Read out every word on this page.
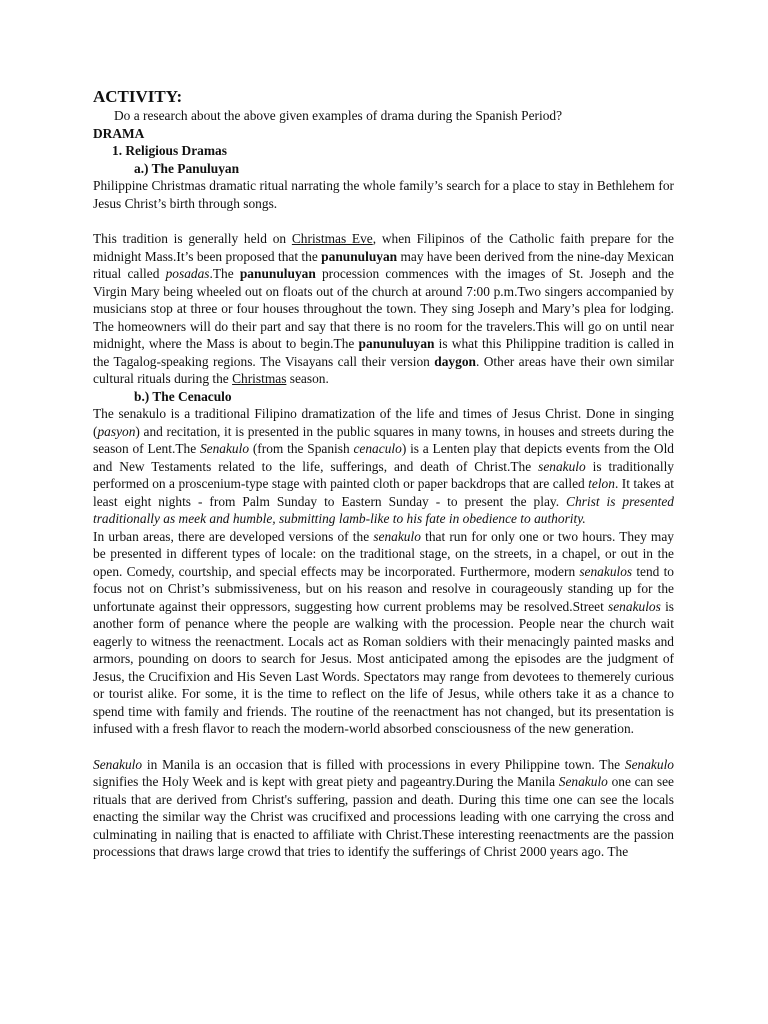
ACTIVITY:
Do a research about the above given examples of drama during the Spanish Period?
DRAMA
1. Religious Dramas
a.) The Panuluyan

Philippine Christmas dramatic ritual narrating the whole family’s search for a place to stay in Bethlehem for Jesus Christ’s birth through songs.

This tradition is generally held on Christmas Eve, when Filipinos of the Catholic faith prepare for the midnight Mass.It’s been proposed that the panunuluyan may have been derived from the nine-day Mexican ritual called posadas.The panunuluyan procession commences with the images of St. Joseph and the Virgin Mary being wheeled out on floats out of the church at around 7:00 p.m.Two singers accompanied by musicians stop at three or four houses throughout the town. They sing Joseph and Mary’s plea for lodging. The homeowners will do their part and say that there is no room for the travelers.This will go on until near midnight, where the Mass is about to begin.The panunuluyan is what this Philippine tradition is called in the Tagalog-speaking regions. The Visayans call their version daygon. Other areas have their own similar cultural rituals during the Christmas season.

b.) The Cenaculo

The senakulo is a traditional Filipino dramatization of the life and times of Jesus Christ. Done in singing (pasyon) and recitation, it is presented in the public squares in many towns, in houses and streets during the season of Lent.The Senakulo (from the Spanish cenaculo) is a Lenten play that depicts events from the Old and New Testaments related to the life, sufferings, and death of Christ.The senakulo is traditionally performed on a proscenium-type stage with painted cloth or paper backdrops that are called telon. It takes at least eight nights - from Palm Sunday to Eastern Sunday - to present the play. Christ is presented traditionally as meek and humble, submitting lamb-like to his fate in obedience to authority.

In urban areas, there are developed versions of the senakulo that run for only one or two hours. They may be presented in different types of locale: on the traditional stage, on the streets, in a chapel, or out in the open. Comedy, courtship, and special effects may be incorporated. Furthermore, modern senakulos tend to focus not on Christ’s submissiveness, but on his reason and resolve in courageously standing up for the unfortunate against their oppressors, suggesting how current problems may be resolved.Street senakulos is another form of penance where the people are walking with the procession. People near the church wait eagerly to witness the reenactment. Locals act as Roman soldiers with their menacingly painted masks and armors, pounding on doors to search for Jesus. Most anticipated among the episodes are the judgment of Jesus, the Crucifixion and His Seven Last Words. Spectators may range from devotees to themerely curious or tourist alike. For some, it is the time to reflect on the life of Jesus, while others take it as a chance to spend time with family and friends. The routine of the reenactment has not changed, but its presentation is infused with a fresh flavor to reach the modern-world absorbed consciousness of the new generation.

Senakulo in Manila is an occasion that is filled with processions in every Philippine town. The Senakulo signifies the Holy Week and is kept with great piety and pageantry.During the Manila Senakulo one can see rituals that are derived from Christ's suffering, passion and death. During this time one can see the locals enacting the similar way the Christ was crucifixed and processions leading with one carrying the cross and culminating in nailing that is enacted to affiliate with Christ.These interesting reenactments are the passion processions that draws large crowd that tries to identify the sufferings of Christ 2000 years ago. The
